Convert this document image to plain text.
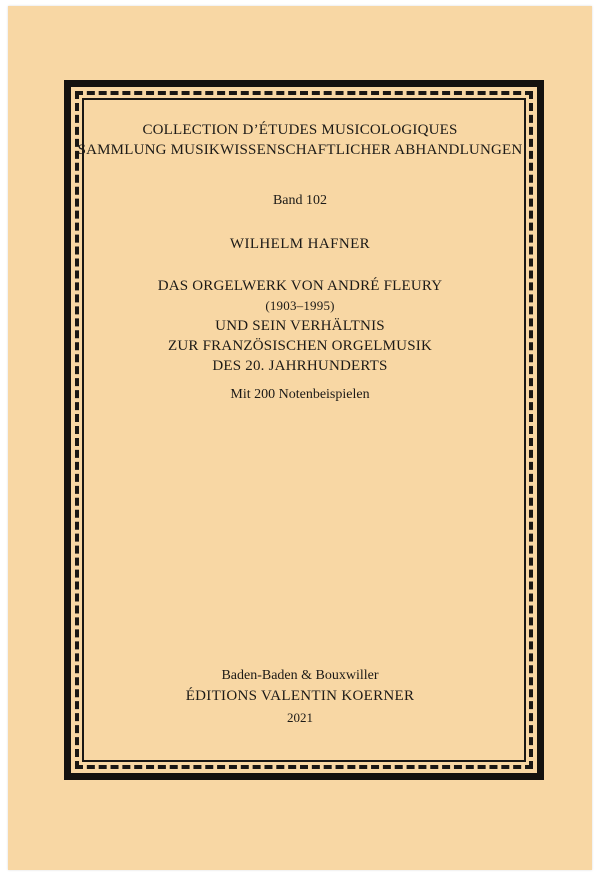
COLLECTION D’ÉTUDES MUSICOLOGIQUES
SAMMLUNG MUSIKWISSENSCHAFTLICHER ABHANDLUNGEN
Band 102
WILHELM HAFNER
DAS ORGELWERK VON ANDRÉ FLEURY
(1903–1995)
UND SEIN VERHÄLTNIS
ZUR FRANZÖSISCHEN ORGELMUSIK
DES 20. JAHRHUNDERTS
Mit 200 Notenbeispielen
Baden-Baden & Bouxwiller
ÉDITIONS VALENTIN KOERNER
2021
